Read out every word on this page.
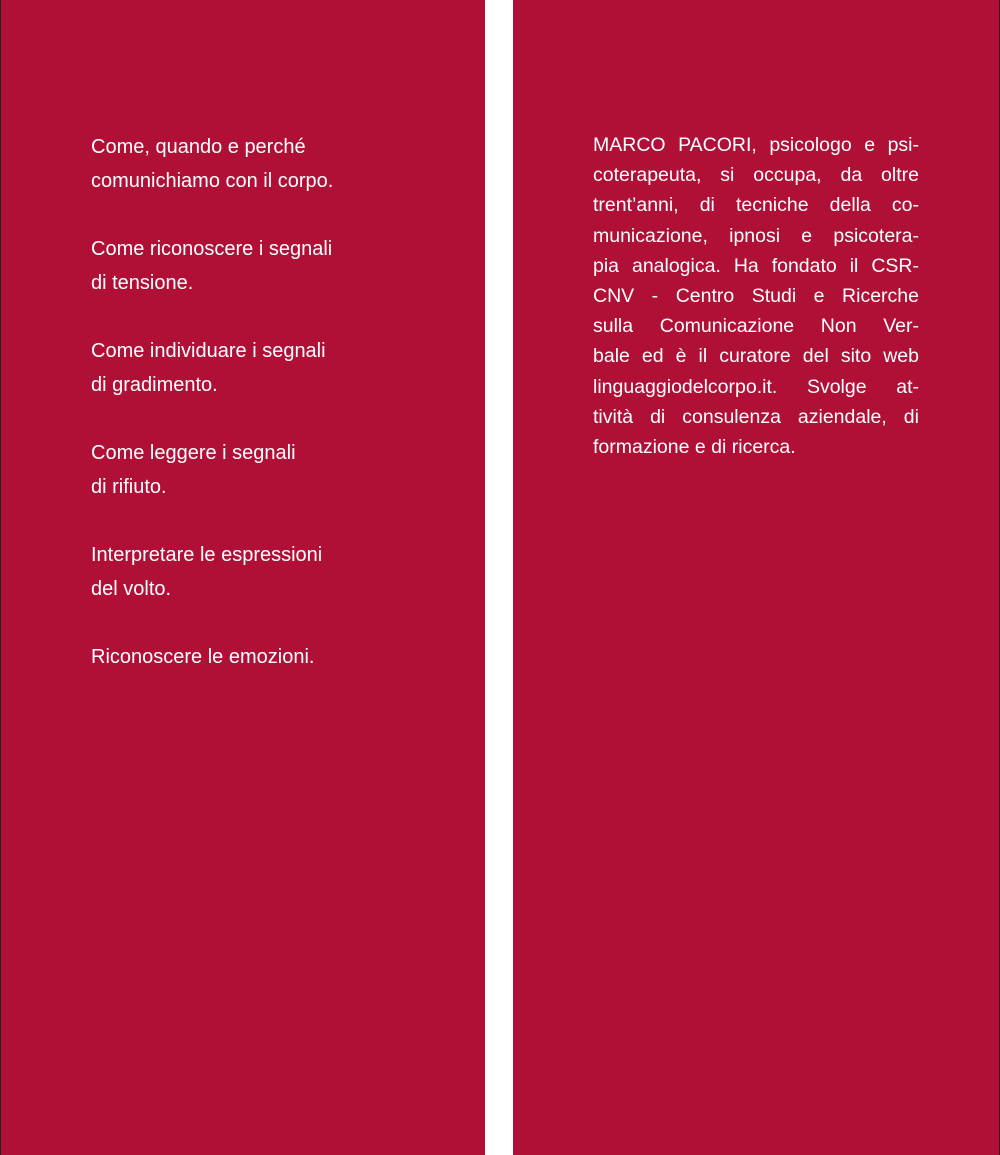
Come, quando e perché
comunichiamo con il corpo.
Come riconoscere i segnali
di tensione.
Come individuare i segnali
di gradimento.
Come leggere i segnali
di rifiuto.
Interpretare le espressioni
del volto.
Riconoscere le emozioni.
MARCO PACORI, psicologo e psi-
coterapeuta, si occupa, da oltre
trent’anni, di tecniche della co-
municazione, ipnosi e psicotera-
pia analogica. Ha fondato il CSR-
CNV - Centro Studi e Ricerche
sulla Comunicazione Non Ver-
bale ed è il curatore del sito web
linguaggiodelcorpo.it. Svolge at-
tività di consulenza aziendale, di
formazione e di ricerca.
